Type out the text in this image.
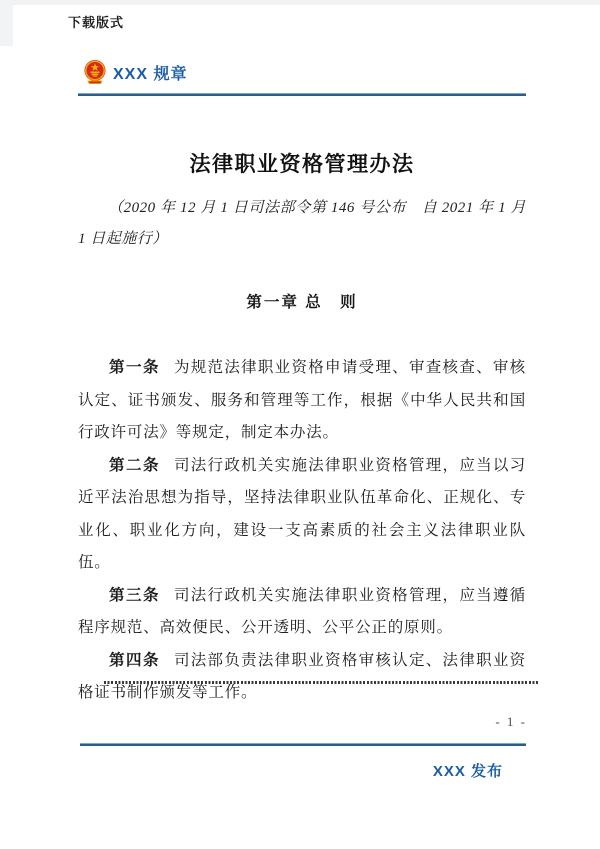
下载版式
XXX 规章
法律职业资格管理办法

（2020 年 12 月 1 日司法部令第 146 号公布　自 2021 年 1 月 1 日起施行）

第一章 总　则

第一条 为规范法律职业资格申请受理、审查核查、审核认定、证书颁发、服务和管理等工作，根据《中华人民共和国行政许可法》等规定，制定本办法。

第二条 司法行政机关实施法律职业资格管理，应当以习近平法治思想为指导，坚持法律职业队伍革命化、正规化、专业化、职业化方向，建设一支高素质的社会主义法律职业队伍。

第三条 司法行政机关实施法律职业资格管理，应当遵循程序规范、高效便民、公开透明、公平公正的原则。

第四条 司法部负责法律职业资格审核认定、法律职业资格证书制作颁发等工作。

- 1 -
XXX 发布
